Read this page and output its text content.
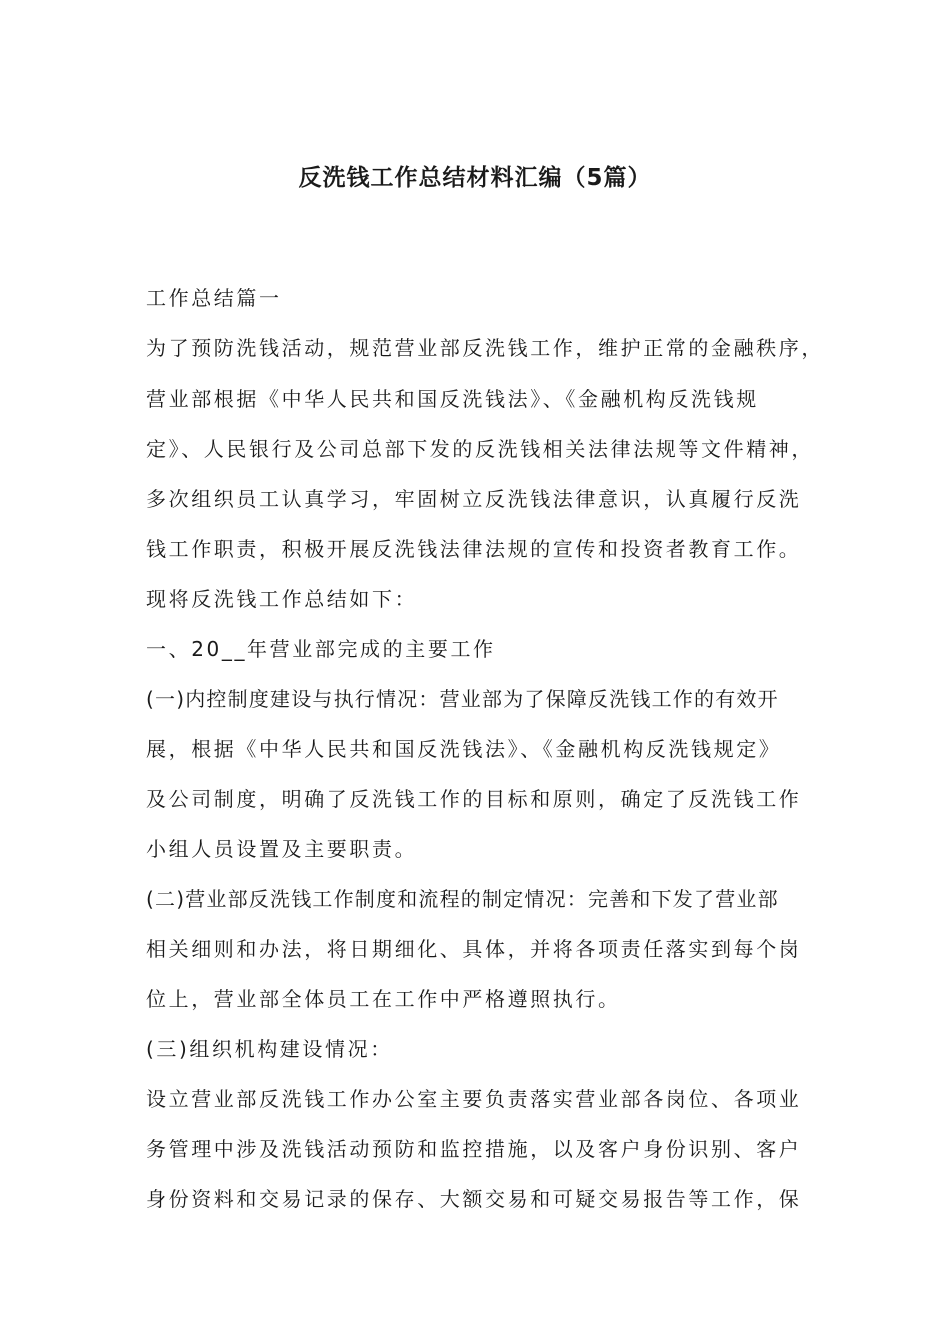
反洗钱工作总结材料汇编（5篇）
工作总结篇一
为了预防洗钱活动，规范营业部反洗钱工作，维护正常的金融秩序，
营业部根据《中华人民共和国反洗钱法》、《金融机构反洗钱规
定》、人民银行及公司总部下发的反洗钱相关法律法规等文件精神，
多次组织员工认真学习，牢固树立反洗钱法律意识，认真履行反洗
钱工作职责，积极开展反洗钱法律法规的宣传和投资者教育工作。
现将反洗钱工作总结如下：
一、20__年营业部完成的主要工作
(一)内控制度建设与执行情况：营业部为了保障反洗钱工作的有效开
展，根据《中华人民共和国反洗钱法》、《金融机构反洗钱规定》
及公司制度，明确了反洗钱工作的目标和原则，确定了反洗钱工作
小组人员设置及主要职责。
(二)营业部反洗钱工作制度和流程的制定情况：完善和下发了营业部
相关细则和办法，将日期细化、具体，并将各项责任落实到每个岗
位上，营业部全体员工在工作中严格遵照执行。
(三)组织机构建设情况：
设立营业部反洗钱工作办公室主要负责落实营业部各岗位、各项业
务管理中涉及洗钱活动预防和监控措施，以及客户身份识别、客户
身份资料和交易记录的保存、大额交易和可疑交易报告等工作，保
